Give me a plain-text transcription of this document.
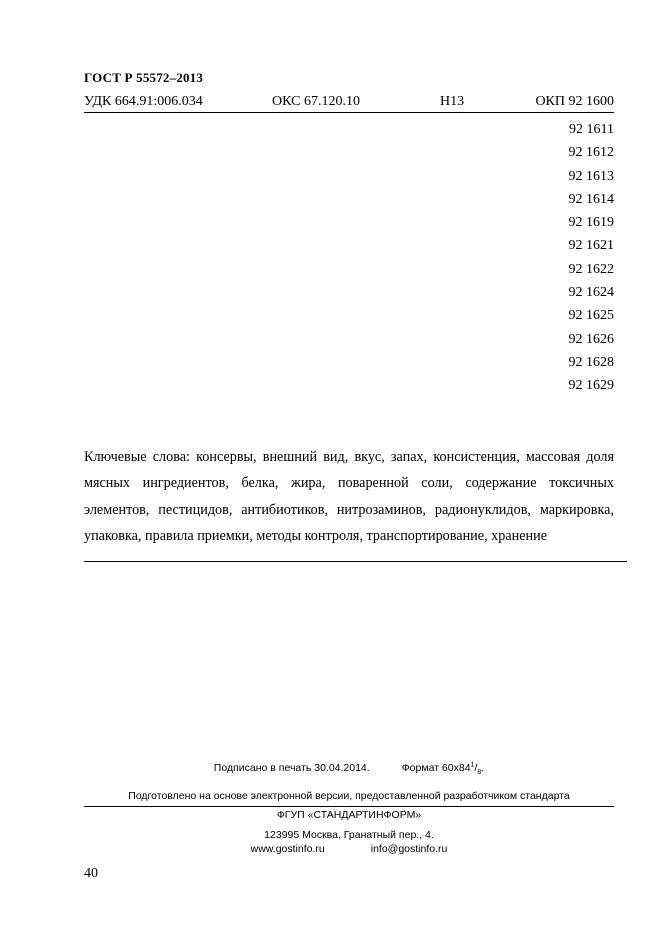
ГОСТ Р 55572–2013
УДК 664.91:006.034	ОКС 67.120.10	Н13	ОКП 92 1600
92 1611
92 1612
92 1613
92 1614
92 1619
92 1621
92 1622
92 1624
92 1625
92 1626
92 1628
92 1629

Ключевые слова: консервы, внешний вид, вкус, запах, консистенция, массовая доля мясных ингредиентов, белка, жира, поваренной соли, содержание токсичных элементов, пестицидов, антибиотиков, нитрозаминов, радионуклидов, маркировка, упаковка, правила приемки, методы контроля, транспортирование, хранение

Подписано в печать 30.04.2014.	Формат $60х84^1/_8$.
Подготовлено на основе электронной версии, предоставленной разработчиком стандарта
ФГУП «СТАНДАРТИНФОРМ»
123995 Москва, Гранатный пер., 4.
www.gostinfo.ru	info@gostinfo.ru
40
